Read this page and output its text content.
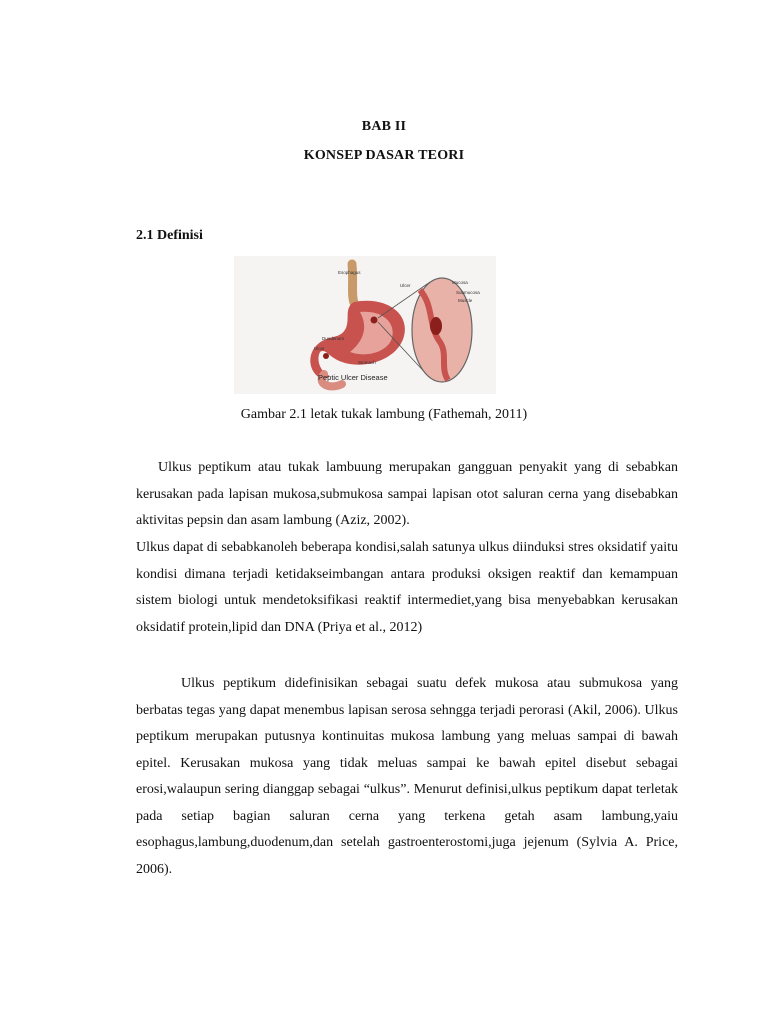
BAB II
KONSEP DASAR TEORI
2.1 Definisi
Esophagus
Ulcer
Mucosa
Submucosa
Muscle
Duodenum
Ulcer
Stomach
Peptic Ulcer Disease
Gambar 2.1 letak tukak lambung (Fathemah, 2011)

Ulkus peptikum atau tukak lambuung merupakan gangguan penyakit yang di sebabkan kerusakan pada lapisan mukosa,submukosa sampai lapisan otot saluran cerna yang disebabkan aktivitas pepsin dan asam lambung (Aziz, 2002).

Ulkus dapat di sebabkanoleh beberapa kondisi,salah satunya ulkus diinduksi stres oksidatif yaitu kondisi dimana terjadi ketidakseimbangan antara produksi oksigen reaktif dan kemampuan sistem biologi untuk mendetoksifikasi reaktif intermediet,yang bisa menyebabkan kerusakan oksidatif protein,lipid dan DNA (Priya et al., 2012)

Ulkus peptikum didefinisikan sebagai suatu defek mukosa atau submukosa yang berbatas tegas yang dapat menembus lapisan serosa sehngga terjadi perorasi (Akil, 2006). Ulkus peptikum merupakan putusnya kontinuitas mukosa lambung yang meluas sampai di bawah epitel. Kerusakan mukosa yang tidak meluas sampai ke bawah epitel disebut sebagai erosi,walaupun sering dianggap sebagai “ulkus”. Menurut definisi,ulkus peptikum dapat terletak pada setiap bagian saluran cerna yang terkena getah asam lambung,yaiu esophagus,lambung,duodenum,dan setelah gastroenterostomi,juga jejenum (Sylvia A. Price, 2006).
